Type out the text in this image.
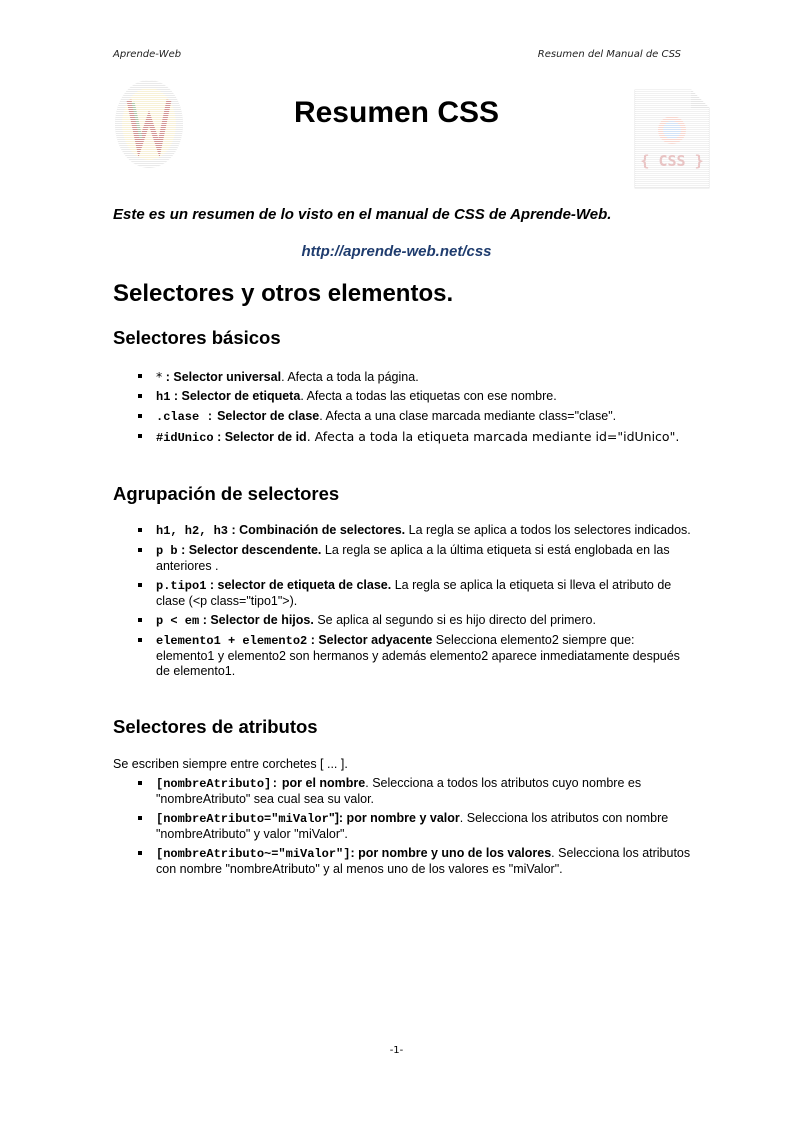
Aprende-Web	Resumen del Manual de CSS
{ CSS }
Resumen CSS

Este es un resumen de lo visto en el manual de CSS de Aprende-Web.

http://aprende-web.net/css

Selectores y otros elementos.
Selectores básicos
* : Selector universal. Afecta a toda la página.
h1 : Selector de etiqueta. Afecta a todas las etiquetas con ese nombre.
.clase : Selector de clase. Afecta a una clase marcada mediante class="clase".
#idUnico : Selector de id. Afecta a toda la etiqueta marcada mediante id="idUnico".
Agrupación de selectores
h1, h2, h3 : Combinación de selectores. La regla se aplica a todos los selectores indicados.
p b : Selector descendente. La regla se aplica a la última etiqueta si está englobada en las anteriores .
p.tipo1 : selector de etiqueta de clase. La regla se aplica la etiqueta si lleva el atributo de clase (<p class="tipo1">).
p < em : Selector de hijos. Se aplica al segundo si es hijo directo del primero.
elemento1 + elemento2 : Selector adyacente Selecciona elemento2 siempre que: elemento1 y elemento2 son hermanos y además elemento2 aparece inmediatamente después de elemento1.
Selectores de atributos

Se escriben siempre entre corchetes [ ... ].

[nombreAtributo]: por el nombre. Selecciona a todos los atributos cuyo nombre es "nombreAtributo" sea cual sea su valor.
[nombreAtributo="miValor"]: por nombre y valor. Selecciona los atributos con nombre "nombreAtributo" y valor "miValor".
[nombreAtributo~="miValor"]: por nombre y uno de los valores. Selecciona los atributos con nombre "nombreAtributo" y al menos uno de los valores es "miValor".
-1-
